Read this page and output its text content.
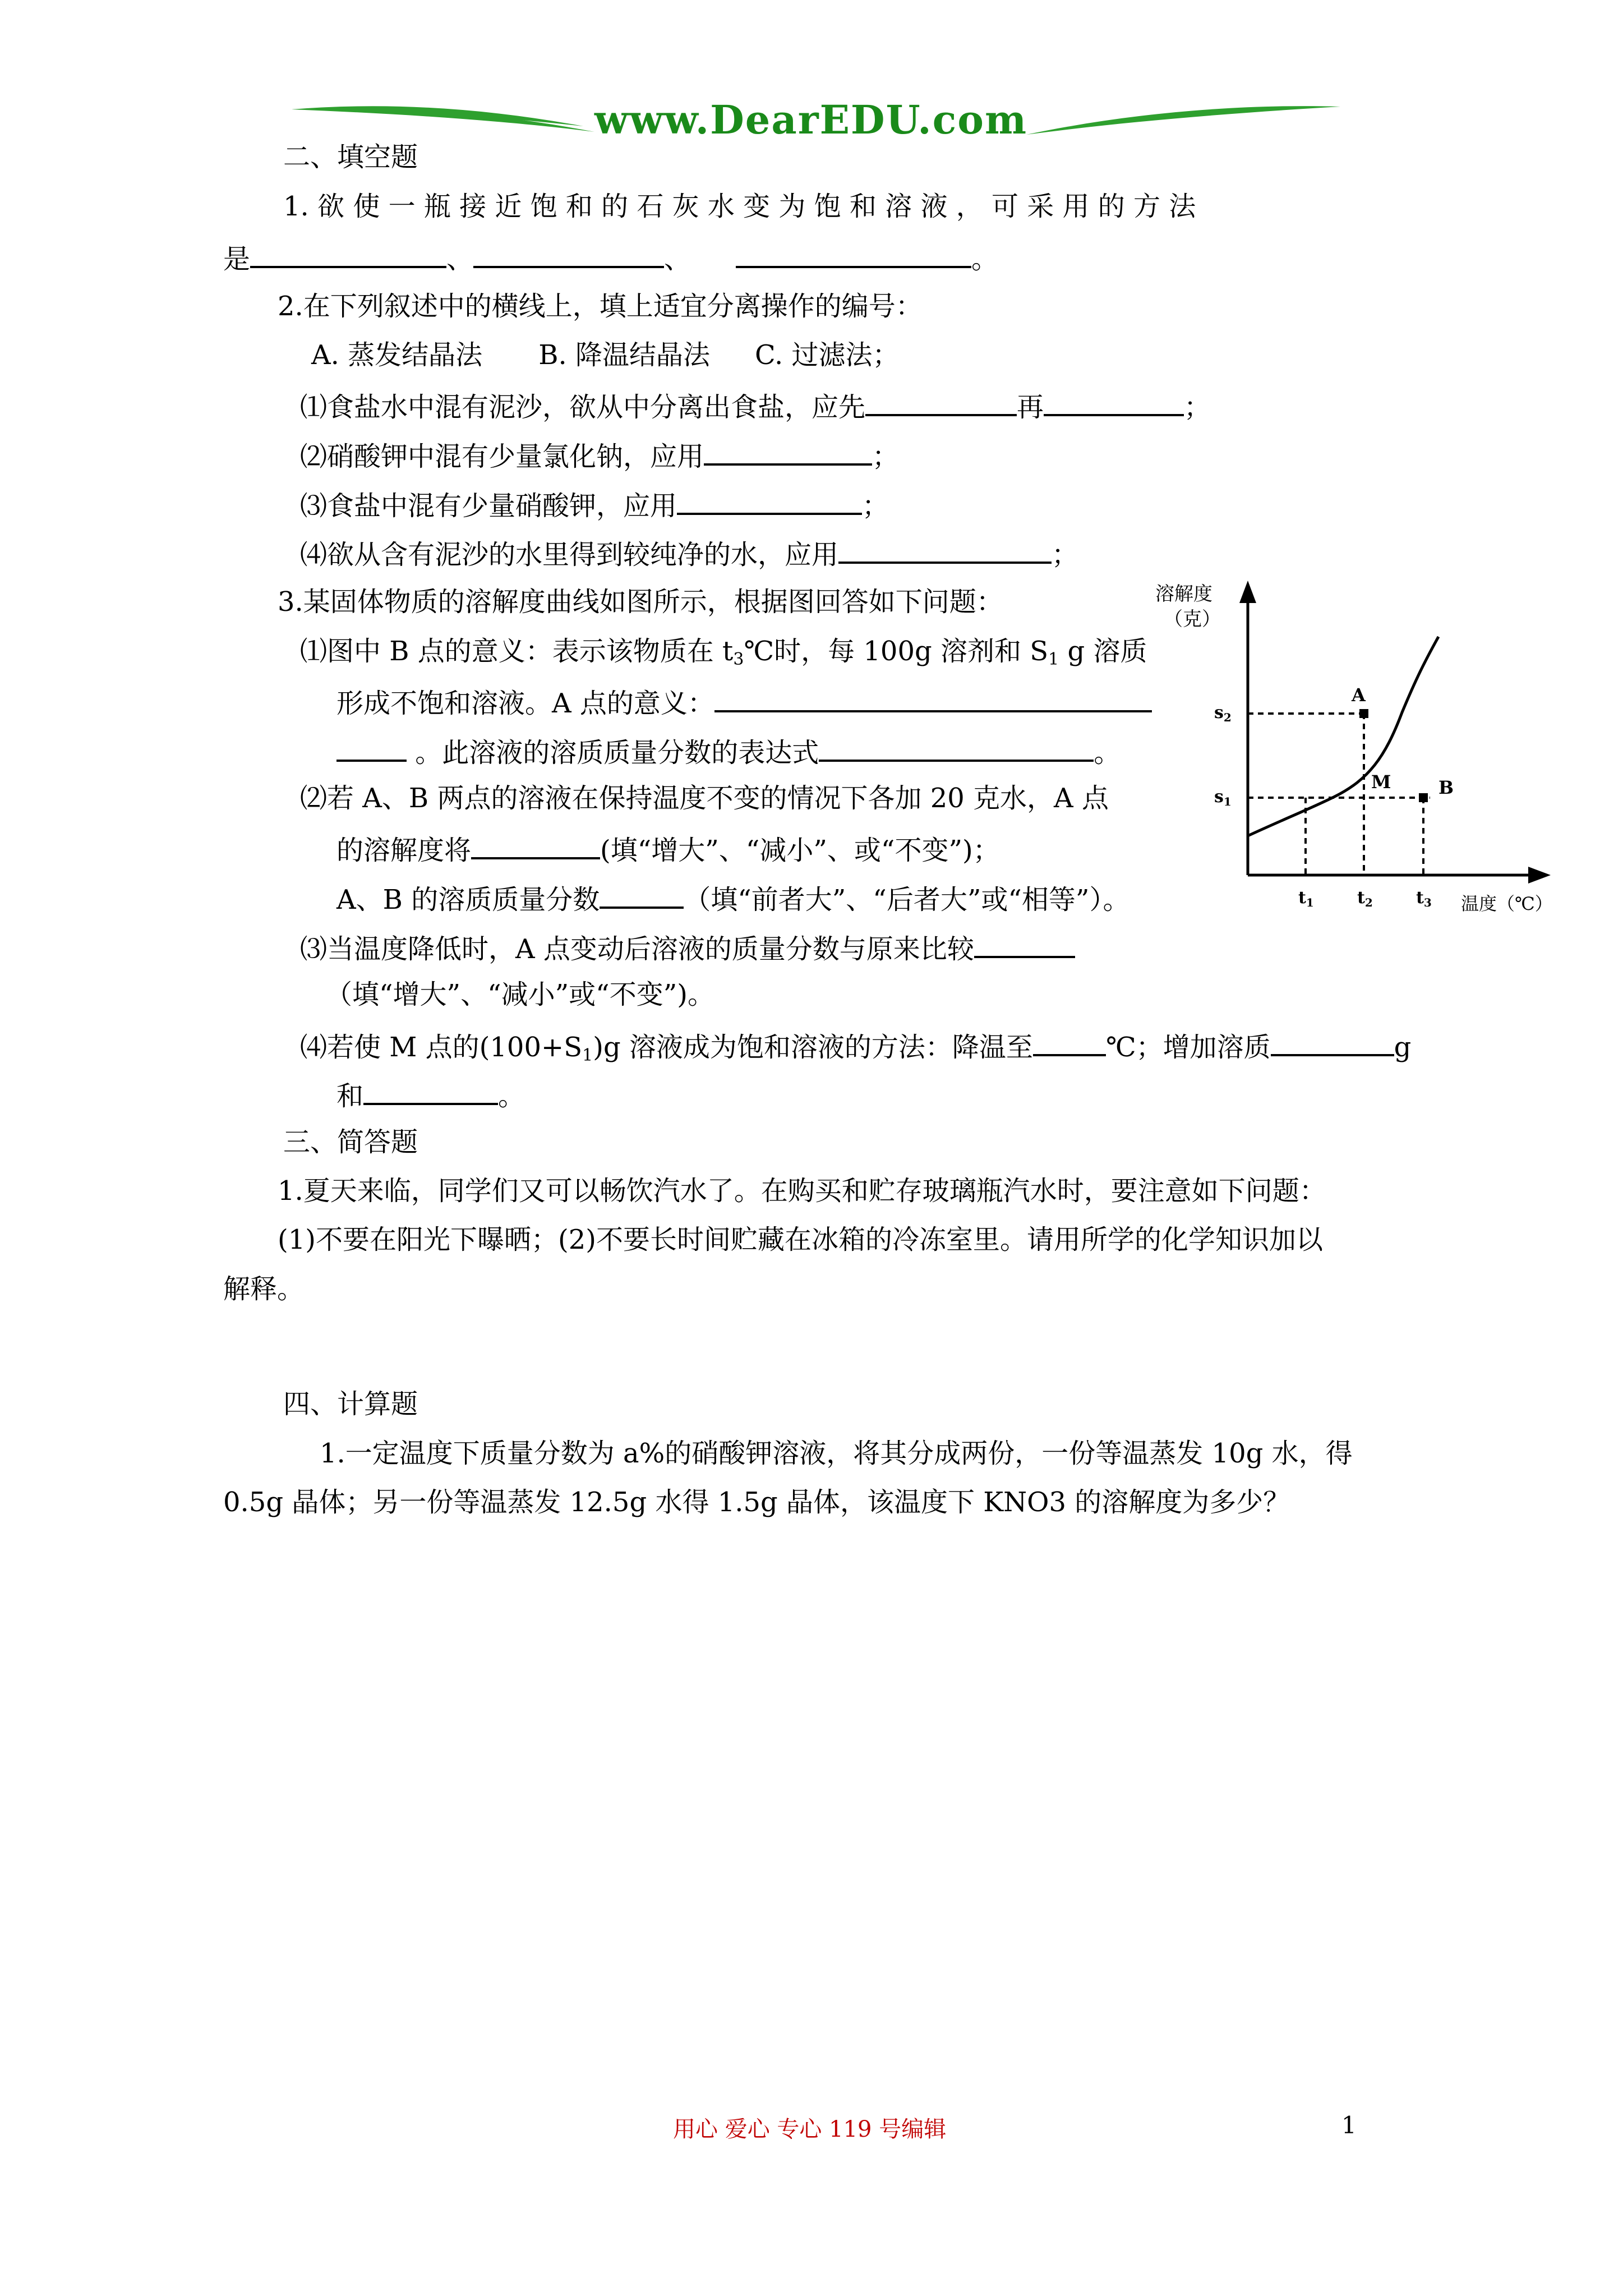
www.DearEDU.com
二、填空题
1. 欲 使 一 瓶 接 近 饱 和 的 石 灰 水 变 为 饱 和 溶 液 ， 可 采 用 的 方 法
是	、	、	。
2.在下列叙述中的横线上，填上适宜分离操作的编号：
A. 蒸发结晶法 B. 降温结晶法 C. 过滤法；
⑴食盐水中混有泥沙，欲从中分离出食盐，应先	再	；
⑵硝酸钾中混有少量氯化钠，应用	；
⑶食盐中混有少量硝酸钾，应用	；
⑷欲从含有泥沙的水里得到较纯净的水，应用	；
3.某固体物质的溶解度曲线如图所示，根据图回答如下问题：
⑴图中 B 点的意义：表示该物质在 $t_3℃$时，每 100g 溶剂和 $S_1$ g 溶质
形成不饱和溶液。A 点的意义：
。此溶液的溶质质量分数的表达式	。
⑵若 A、B 两点的溶液在保持温度不变的情况下各加 20 克水，A 点
的溶解度将	(填“增大”、“减小”、或“不变”)；
A、B 的溶质质量分数	（填“前者大”、“后者大”或“相等”）。
⑶当温度降低时，A 点变动后溶液的质量分数与原来比较
（填“增大”、“减小”或“不变”)。
⑷若使 M 点的$(100+S_1)g$ 溶液成为饱和溶液的方法：降温至	℃；增加溶质	g
和	。
溶解度
（克）
$s_2$
$s_1$
A
M	B
$t_1$	$t_2$	$t_3$ 温度（℃）
三、简答题
1.夏天来临，同学们又可以畅饮汽水了。在购买和贮存玻璃瓶汽水时，要注意如下问题：
(1)不要在阳光下曝晒；(2)不要长时间贮藏在冰箱的冷冻室里。请用所学的化学知识加以
解释。
四、计算题
1.一定温度下质量分数为 a%的硝酸钾溶液，将其分成两份，一份等温蒸发 10g 水，得
0.5g 晶体；另一份等温蒸发 12.5g 水得 1.5g 晶体，该温度下 KNO3 的溶解度为多少？
用心 爱心 专心 119 号编辑	1
